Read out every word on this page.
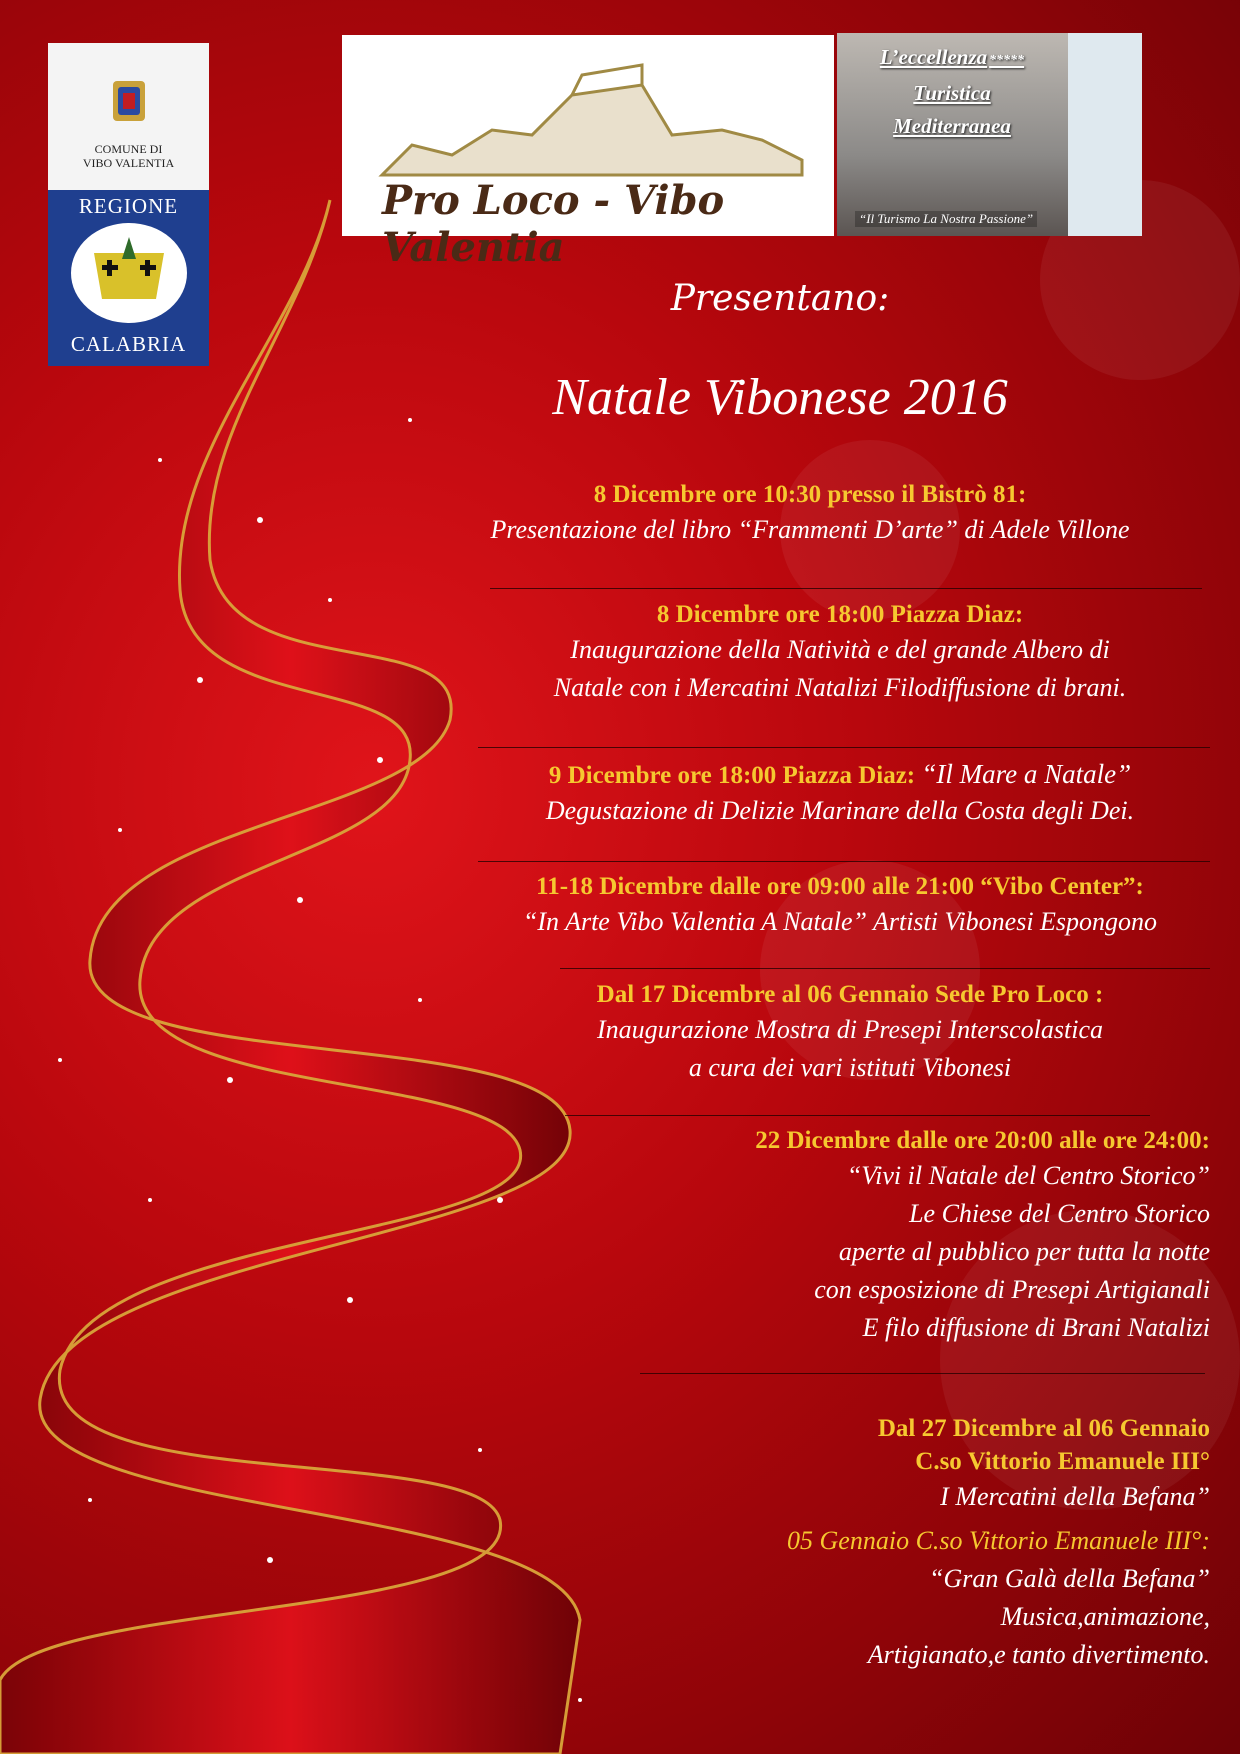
COMUNE DI
VIBO VALENTIA
REGIONE
CALABRIA
Pro Loco - Vibo Valentia
L’eccellenza *****
Turistica
Mediterranea
“Il Turismo La Nostra Passione”
Presentano:
Natale Vibonese 2016
8 Dicembre ore 10:30 presso il Bistrò 81:
Presentazione del libro “Frammenti D’arte” di Adele Villone
8 Dicembre ore 18:00 Piazza Diaz:
Inaugurazione della Natività e del grande Albero di
Natale con i Mercatini Natalizi Filodiffusione di brani.
9 Dicembre ore 18:00 Piazza Diaz: “Il Mare a Natale”
Degustazione di Delizie Marinare della Costa degli Dei.
11-18 Dicembre dalle ore 09:00 alle 21:00 “Vibo Center”:
“In Arte Vibo Valentia A Natale” Artisti Vibonesi Espongono
Dal 17 Dicembre al 06 Gennaio Sede Pro Loco :
Inaugurazione Mostra di Presepi Interscolastica
a cura dei vari istituti Vibonesi
22 Dicembre dalle ore 20:00 alle ore 24:00:
“Vivi il Natale del Centro Storico”
Le Chiese del Centro Storico
aperte al pubblico per tutta la notte
con esposizione di Presepi Artigianali
E filo diffusione di Brani Natalizi
Dal 27 Dicembre al 06 Gennaio
C.so Vittorio Emanuele III°
I Mercatini della Befana”
05 Gennaio C.so Vittorio Emanuele III°:
“Gran Galà della Befana”
Musica,animazione,
Artigianato,e tanto divertimento.
